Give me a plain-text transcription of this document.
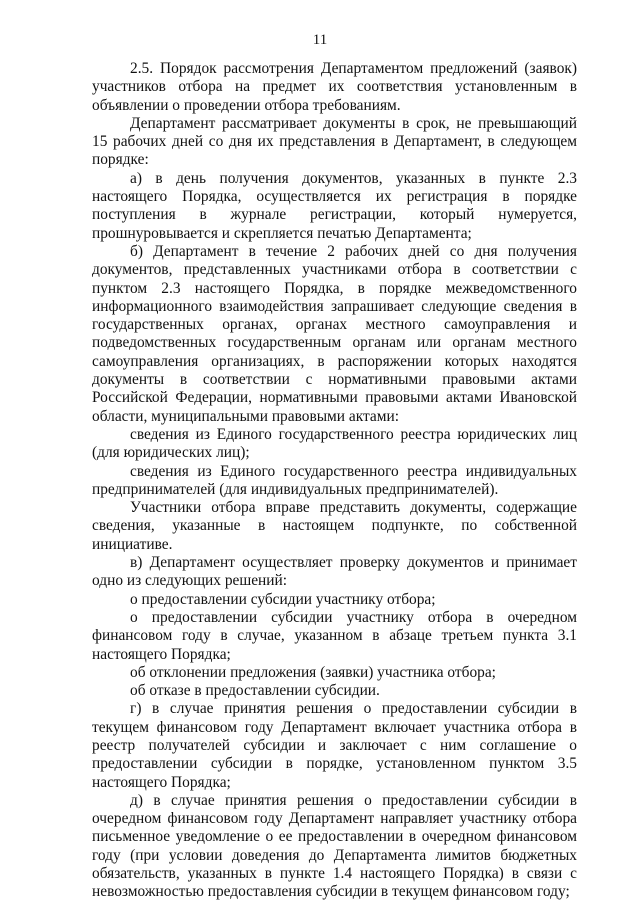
11

2.5. Порядок рассмотрения Департаментом предложений (заявок) участников отбора на предмет их соответствия установленным в объявлении о проведении отбора требованиям.

Департамент рассматривает документы в срок, не превышающий 15 рабочих дней со дня их представления в Департамент, в следующем порядке:

а) в день получения документов, указанных в пункте 2.3 настоящего Порядка, осуществляется их регистрация в порядке поступления в журнале регистрации, который нумеруется, прошнуровывается и скрепляется печатью Департамента;

б) Департамент в течение 2 рабочих дней со дня получения документов, представленных участниками отбора в соответствии с пунктом 2.3 настоящего Порядка, в порядке межведомственного информационного взаимодействия запрашивает следующие сведения в государственных органах, органах местного самоуправления и подведомственных государственным органам или органам местного самоуправления организациях, в распоряжении которых находятся документы в соответствии с нормативными правовыми актами Российской Федерации, нормативными правовыми актами Ивановской области, муниципальными правовыми актами:

сведения из Единого государственного реестра юридических лиц (для юридических лиц);

сведения из Единого государственного реестра индивидуальных предпринимателей (для индивидуальных предпринимателей).

Участники отбора вправе представить документы, содержащие сведения, указанные в настоящем подпункте, по собственной инициативе.

в) Департамент осуществляет проверку документов и принимает одно из следующих решений:

о предоставлении субсидии участнику отбора;

о предоставлении субсидии участнику отбора в очередном финансовом году в случае, указанном в абзаце третьем пункта 3.1 настоящего Порядка;

об отклонении предложения (заявки) участника отбора;

об отказе в предоставлении субсидии.

г) в случае принятия решения о предоставлении субсидии в текущем финансовом году Департамент включает участника отбора в реестр получателей субсидии и заключает с ним соглашение о предоставлении субсидии в порядке, установленном пунктом 3.5 настоящего Порядка;

д) в случае принятия решения о предоставлении субсидии в очередном финансовом году Департамент направляет участнику отбора письменное уведомление о ее предоставлении в очередном финансовом году (при условии доведения до Департамента лимитов бюджетных обязательств, указанных в пункте 1.4 настоящего Порядка) в связи с невозможностью предоставления субсидии в текущем финансовом году;
